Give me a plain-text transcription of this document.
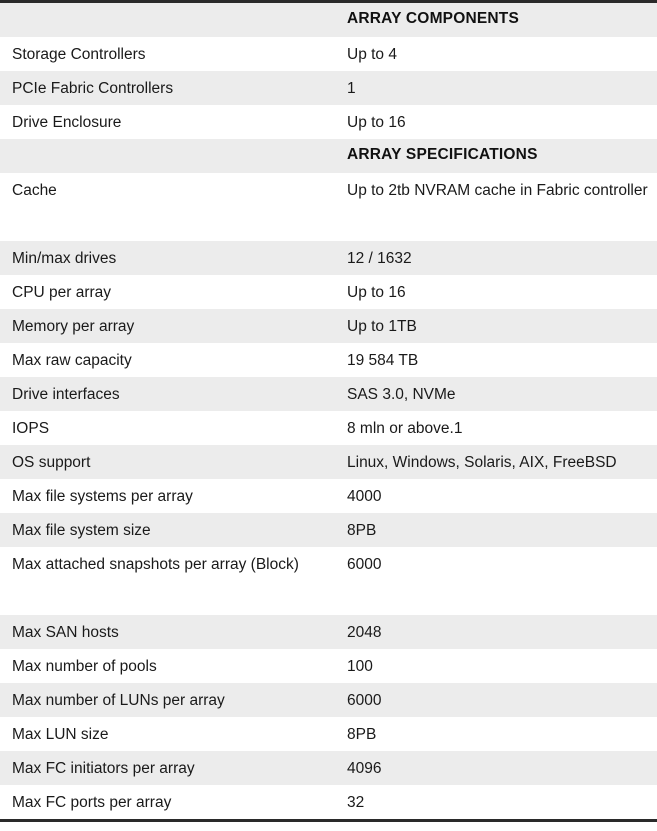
ARRAY COMPONENTS
Storage Controllers	Up to 4
PCIe Fabric Controllers	1
Drive Enclosure	Up to 16
ARRAY SPECIFICATIONS
Cache	Up to 2tb NVRAM cache in Fabric controller
Min/max drives	12 / 1632
CPU per array	Up to 16
Memory per array	Up to 1TB
Max raw capacity	19 584 TB
Drive interfaces	SAS 3.0, NVMe
IOPS	8 mln or above.1
OS support	Linux, Windows, Solaris, AIX, FreeBSD
Max file systems per array	4000
Max file system size	8PB
Max attached snapshots per array (Block)	6000
Max SAN hosts	2048
Max number of pools	100
Max number of LUNs per array	6000
Max LUN size	8PB
Max FC initiators per array	4096
Max FC ports per array	32
